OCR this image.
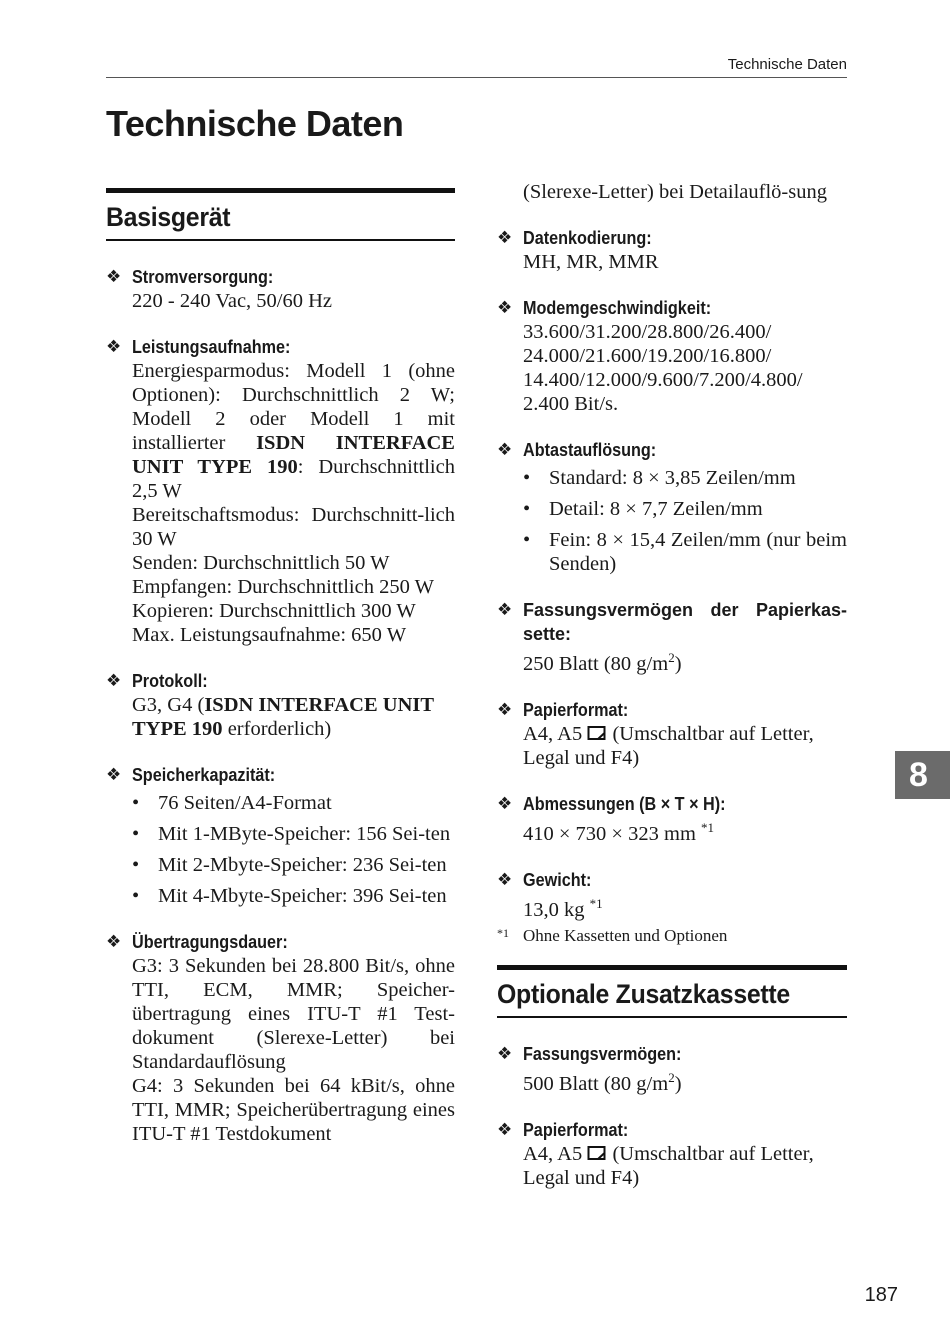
Technische Daten
Technische Daten
Basisgerät
❖ Stromversorgung:
220 - 240 Vac, 50/60 Hz
❖ Leistungsaufnahme:
Energiesparmodus: Modell 1 (ohne Optionen): Durchschnittlich 2 W; Modell 2 oder Modell 1 mit installierter ISDN INTERFACE UNIT TYPE 190: Durchschnittlich 2,5 W
Bereitschaftsmodus: Durchschnitt-lich 30 W
Senden: Durchschnittlich 50 W
Empfangen: Durchschnittlich 250 W
Kopieren: Durchschnittlich 300 W
Max. Leistungsaufnahme: 650 W
❖ Protokoll:
G3, G4 (ISDN INTERFACE UNIT TYPE 190 erforderlich)
❖ Speicherkapazität:
• 76 Seiten/A4-Format
• Mit 1-MByte-Speicher: 156 Sei-ten
• Mit 2-Mbyte-Speicher: 236 Sei-ten
• Mit 4-Mbyte-Speicher: 396 Sei-ten
❖ Übertragungsdauer:
G3: 3 Sekunden bei 28.800 Bit/s, ohne TTI, ECM, MMR; Speicher-übertragung eines ITU-T #1 Test-dokument (Slerexe-Letter) bei Standardauflösung
G4: 3 Sekunden bei 64 kBit/s, ohne TTI, MMR; Speicherübertragung eines ITU-T #1 Testdokument
(Slerexe-Letter) bei Detailauflö-sung
❖ Datenkodierung:
MH, MR, MMR
❖ Modemgeschwindigkeit:
33.600/31.200/28.800/26.400/ 24.000/21.600/19.200/16.800/ 14.400/12.000/9.600/7.200/4.800/ 2.400 Bit/s.
❖ Abtastauflösung:
• Standard: 8 × 3,85 Zeilen/mm
• Detail: 8 × 7,7 Zeilen/mm
• Fein: 8 × 15,4 Zeilen/mm (nur beim Senden)
❖ Fassungsvermögen der Papierkas-sette:
250 Blatt (80 $g/m^2$)
❖ Papierformat:
A4, A5  (Umschaltbar auf Letter, Legal und F4)
❖ Abmessungen (B × T × H):
410 × 730 × 323 mm $^{*1}$
❖ Gewicht:
13,0 kg $^{*1}$
*1 Ohne Kassetten und Optionen
Optionale Zusatzkassette
❖ Fassungsvermögen:
500 Blatt (80 $g/m^2$)
❖ Papierformat:
A4, A5  (Umschaltbar auf Letter, Legal und F4)
8
187
